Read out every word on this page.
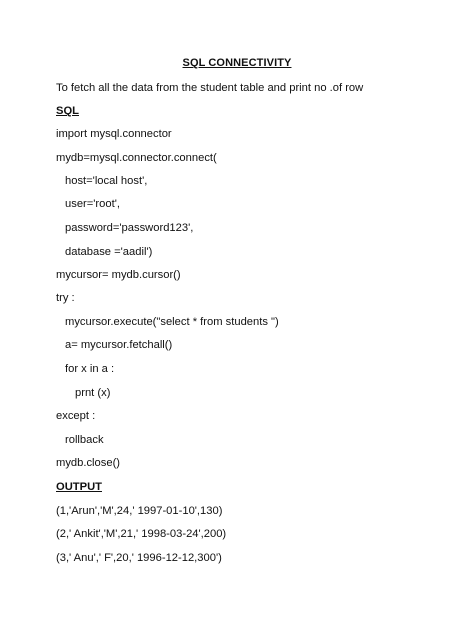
SQL CONNECTIVITY
To fetch all the data from the student table and print no .of row
SQL
import mysql.connector
mydb=mysql.connector.connect(
host='local host',
user='root',
password='password123',
database ='aadil')
mycursor= mydb.cursor()
try :
mycursor.execute("select * from students ")
a= mycursor.fetchall()
for x in a :
prnt (x)
except :
rollback
mydb.close()
OUTPUT
(1,'Arun','M',24,' 1997-01-10',130)
(2,' Ankit','M',21,' 1998-03-24',200)
(3,' Anu',' F',20,' 1996-12-12,300')
